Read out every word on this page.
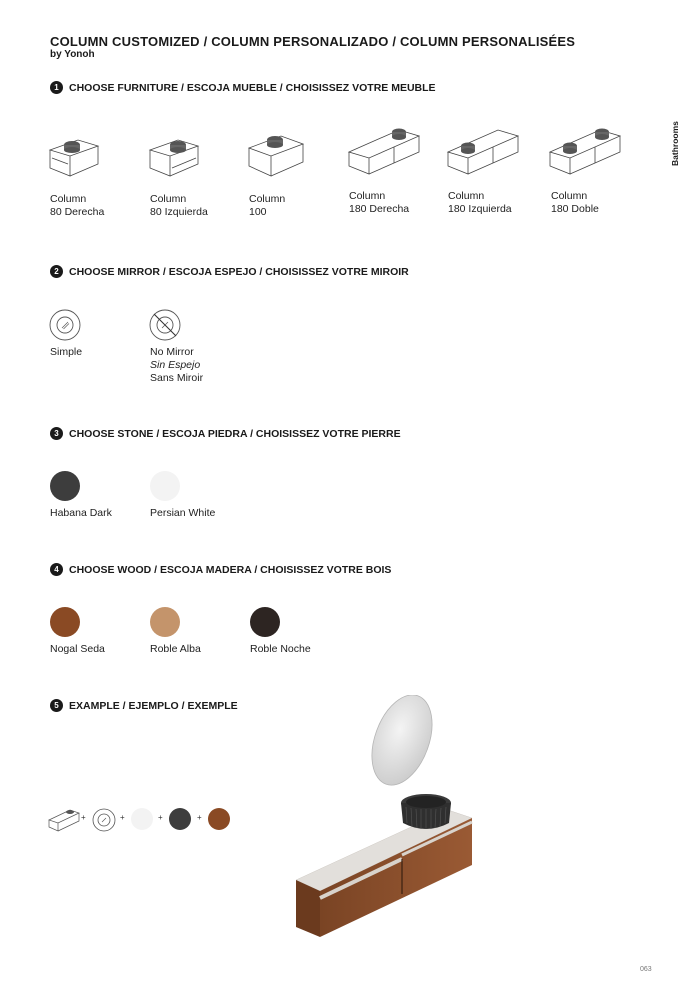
COLUMN CUSTOMIZED / COLUMN PERSONALIZADO / COLUMN PERSONALISÉES
by Yonoh
Bathrooms
1 CHOOSE FURNITURE / ESCOJA MUEBLE / CHOISISSEZ VOTRE MEUBLE
Column
80 Derecha
Column
80 Izquierda
Column
100
Column
180 Derecha
Column
180 Izquierda
Column
180 Doble
2 CHOOSE MIRROR / ESCOJA ESPEJO / CHOISISSEZ VOTRE MIROIR
Simple	No Mirror
Sin Espejo
Sans Miroir
3 CHOOSE STONE / ESCOJA PIEDRA / CHOISISSEZ VOTRE PIERRE
Habana Dark	Persian White
4 CHOOSE WOOD / ESCOJA MADERA / CHOISISSEZ VOTRE BOIS
Nogal Seda	Roble Alba	Roble Noche
5 EXAMPLE / EJEMPLO / EXEMPLE
+	+	+	+
063
